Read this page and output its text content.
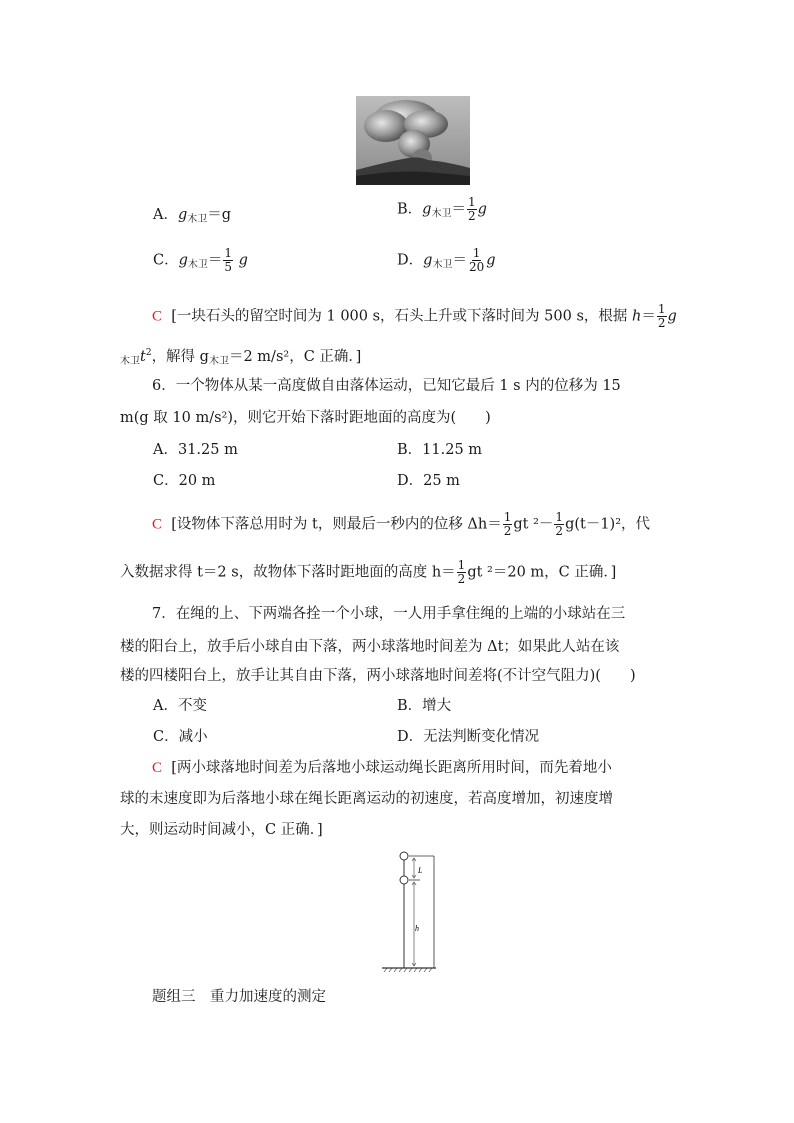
A．$g_{木卫}=g$	B．$g_{木卫}= \frac{1}{2}$ g
C．$g_{木卫}= \frac{1}{5}$ g	D．$g_{木卫}= \frac{1}{20}$ g
C [一块石头的留空时间为 1 000 s，石头上升或下落时间为 500 s，根据 $h= \frac{1}{2}$ g
$_{木卫}t^2$，解得 $g_{木卫}=2$ m/s²，C 正确．]
6．一个物体从某一高度做自由落体运动，已知它最后 1 s 内的位移为 15
m(g 取 10 m/s²)，则它开始下落时距地面的高度为(　　)
A．31.25 m	B．11.25 m
C．20 m	D．25 m
C [设物体下落总用时为 t，则最后一秒内的位移 $\Delta h= \frac{1}{2}$ gt $^2- \frac{1}{2} g(t-1)^2$，代
入数据求得 t＝2 s，故物体下落时距地面的高度 $h= \frac{1}{2}$ gt ²＝20 m，C 正确．]
7．在绳的上、下两端各拴一个小球，一人用手拿住绳的上端的小球站在三
楼的阳台上，放手后小球自由下落，两小球落地时间差为 Δt；如果此人站在该
楼的四楼阳台上，放手让其自由下落，两小球落地时间差将(不计空气阻力)(　　)
A．不变	B．增大
C．减小	D．无法判断变化情况
C [两小球落地时间差为后落地小球运动绳长距离所用时间，而先着地小
球的末速度即为后落地小球在绳长距离运动的初速度，若高度增加，初速度增
大，则运动时间减小，C 正确．]
L
h
题组三　重力加速度的测定
